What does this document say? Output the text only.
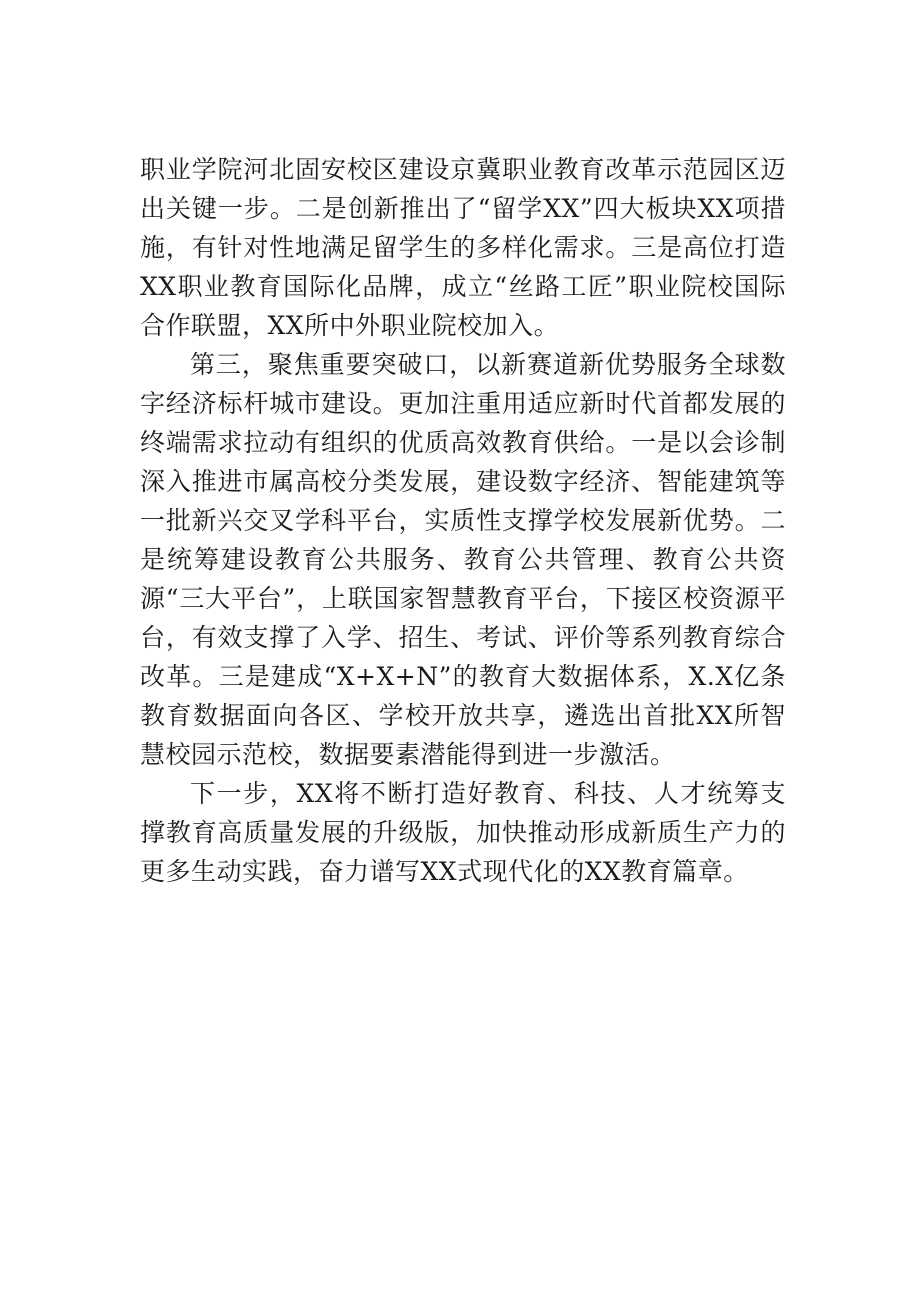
职业学院河北固安校区建设京冀职业教育改革示范园区迈出关键一步。二是创新推出了“留学XX”四大板块XX项措施，有针对性地满足留学生的多样化需求。三是高位打造XX职业教育国际化品牌，成立“丝路工匠”职业院校国际合作联盟，XX所中外职业院校加入。

第三，聚焦重要突破口，以新赛道新优势服务全球数字经济标杆城市建设。更加注重用适应新时代首都发展的终端需求拉动有组织的优质高效教育供给。一是以会诊制深入推进市属高校分类发展，建设数字经济、智能建筑等一批新兴交叉学科平台，实质性支撑学校发展新优势。二是统筹建设教育公共服务、教育公共管理、教育公共资源“三大平台”，上联国家智慧教育平台，下接区校资源平台，有效支撑了入学、招生、考试、评价等系列教育综合改革。三是建成“X+X+N”的教育大数据体系，X.X亿条教育数据面向各区、学校开放共享，遴选出首批XX所智慧校园示范校，数据要素潜能得到进一步激活。

下一步，XX将不断打造好教育、科技、人才统筹支撑教育高质量发展的升级版，加快推动形成新质生产力的更多生动实践，奋力谱写XX式现代化的XX教育篇章。
